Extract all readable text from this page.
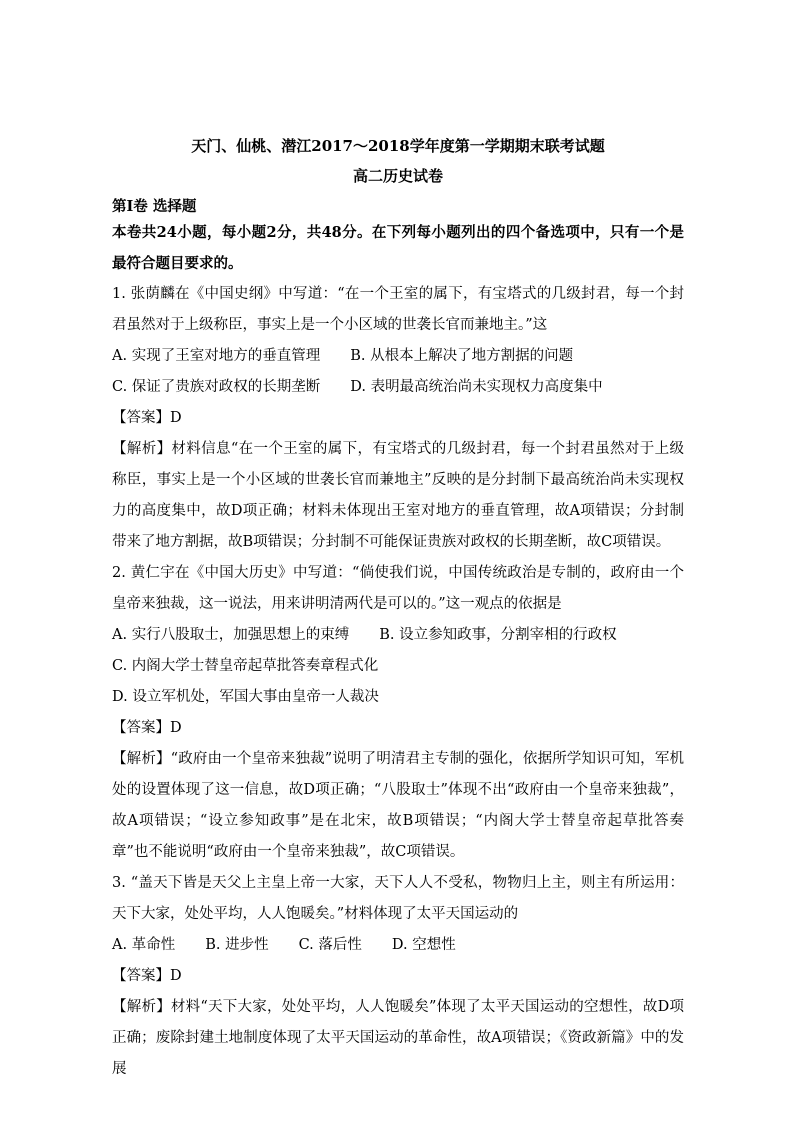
天门、仙桃、潜江2017～2018学年度第一学期期末联考试题

高二历史试卷

第Ⅰ卷 选择题

本卷共24小题，每小题2分，共48分。在下列每小题列出的四个备选项中，只有一个是最符合题目要求的。

1. 张荫麟在《中国史纲》中写道：“在一个王室的属下，有宝塔式的几级封君，每一个封君虽然对于上级称臣，事实上是一个小区域的世袭长官而兼地主。”这

A. 实现了王室对地方的垂直管理 B. 从根本上解决了地方割据的问题
C. 保证了贵族对政权的长期垄断 D. 表明最高统治尚未实现权力高度集中
【答案】D

【解析】材料信息“在一个王室的属下，有宝塔式的几级封君，每一个封君虽然对于上级称臣，事实上是一个小区域的世袭长官而兼地主”反映的是分封制下最高统治尚未实现权力的高度集中，故D项正确；材料未体现出王室对地方的垂直管理，故A项错误；分封制带来了地方割据，故B项错误；分封制不可能保证贵族对政权的长期垄断，故C项错误。

2. 黄仁宇在《中国大历史》中写道：“倘使我们说，中国传统政治是专制的，政府由一个皇帝来独裁，这一说法，用来讲明清两代是可以的。”这一观点的依据是

A. 实行八股取士，加强思想上的束缚 B. 设立参知政事，分割宰相的行政权
C. 内阁大学士替皇帝起草批答奏章程式化
D. 设立军机处，军国大事由皇帝一人裁决
【答案】D

【解析】“政府由一个皇帝来独裁”说明了明清君主专制的强化，依据所学知识可知，军机处的设置体现了这一信息，故D项正确；“八股取士”体现不出“政府由一个皇帝来独裁”，故A项错误；“设立参知政事”是在北宋，故B项错误；“内阁大学士替皇帝起草批答奏章”也不能说明“政府由一个皇帝来独裁”，故C项错误。

3. “盖天下皆是天父上主皇上帝一大家，天下人人不受私，物物归上主，则主有所运用：天下大家，处处平均，人人饱暖矣。”材料体现了太平天国运动的

A. 革命性 B. 进步性 C. 落后性 D. 空想性
【答案】D

【解析】材料“天下大家，处处平均，人人饱暖矣”体现了太平天国运动的空想性，故D项正确；废除封建土地制度体现了太平天国运动的革命性，故A项错误；《资政新篇》中的发展
